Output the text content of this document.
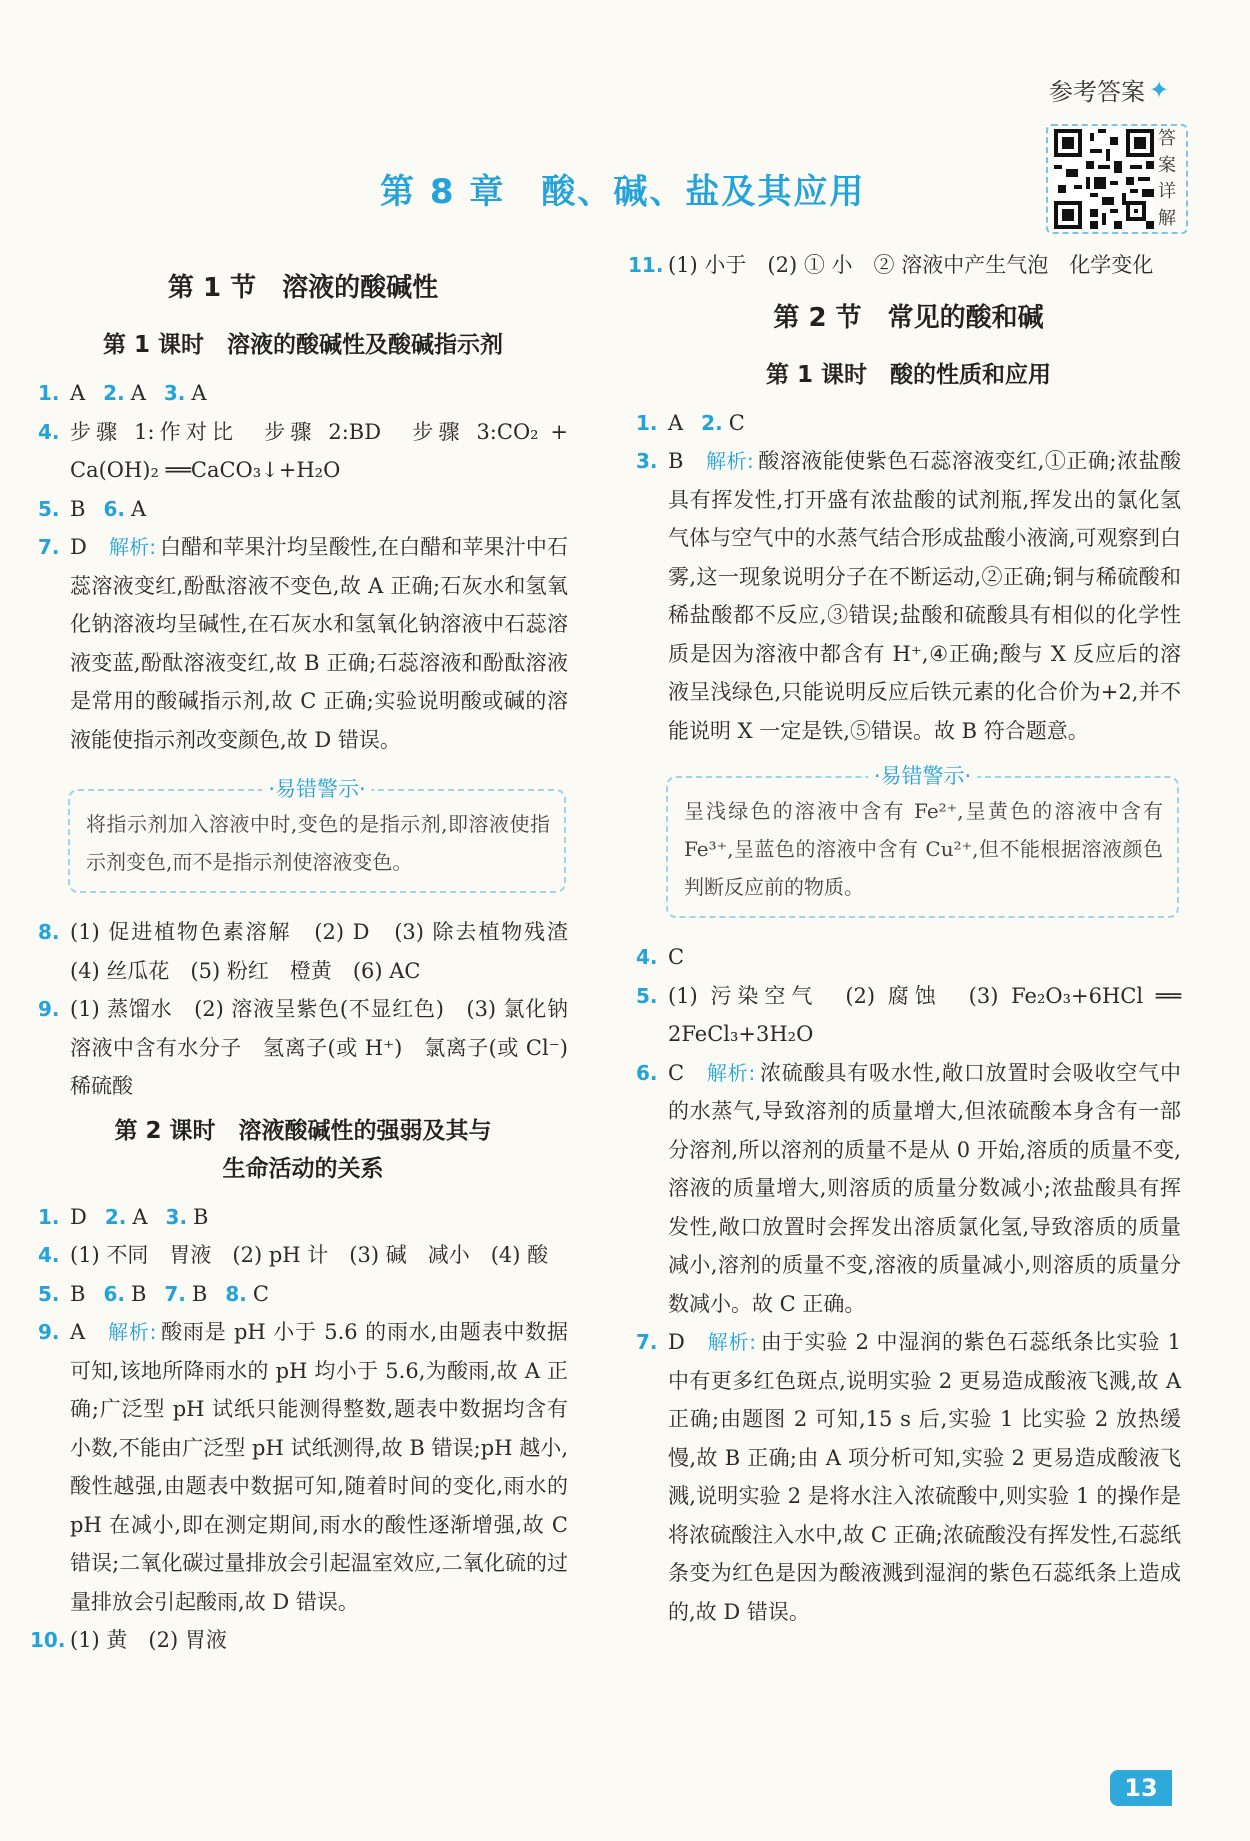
参考答案 ✦
答
案
详
解
第 8 章　酸、碱、盐及其应用
第 1 节　溶液的酸碱性
第 1 课时　溶液的酸碱性及酸碱指示剂
1. A 2. A 3. A
4. 步骤 1:作对比　步骤 2:BD　步骤 3:CO₂ + Ca(OH)₂ ══CaCO₃↓+H₂O
5. B 6. A
7. D 解析: 白醋和苹果汁均呈酸性,在白醋和苹果汁中石蕊溶液变红,酚酞溶液不变色,故 A 正确;石灰水和氢氧化钠溶液均呈碱性,在石灰水和氢氧化钠溶液中石蕊溶液变蓝,酚酞溶液变红,故 B 正确;石蕊溶液和酚酞溶液是常用的酸碱指示剂,故 C 正确;实验说明酸或碱的溶液能使指示剂改变颜色,故 D 错误。
·易错警示·
将指示剂加入溶液中时,变色的是指示剂,即溶液使指示剂变色,而不是指示剂使溶液变色。
8. (1) 促进植物色素溶解　(2) D　(3) 除去植物残渣　(4) 丝瓜花　(5) 粉红　橙黄　(6) AC
9. (1) 蒸馏水　(2) 溶液呈紫色(不显红色)　(3) 氯化钠溶液中含有水分子　氢离子(或 H⁺)　氯离子(或 Cl⁻)　稀硫酸
第 2 课时　溶液酸碱性的强弱及其与
生命活动的关系
1. D 2. A 3. B
4. (1) 不同　胃液　(2) pH 计　(3) 碱　减小　(4) 酸
5. B 6. B 7. B 8. C
9. A 解析: 酸雨是 pH 小于 5.6 的雨水,由题表中数据可知,该地所降雨水的 pH 均小于 5.6,为酸雨,故 A 正确;广泛型 pH 试纸只能测得整数,题表中数据均含有小数,不能由广泛型 pH 试纸测得,故 B 错误;pH 越小,酸性越强,由题表中数据可知,随着时间的变化,雨水的 pH 在减小,即在测定期间,雨水的酸性逐渐增强,故 C 错误;二氧化碳过量排放会引起温室效应,二氧化硫的过量排放会引起酸雨,故 D 错误。
10. (1) 黄　(2) 胃液
11. (1) 小于　(2) ① 小　② 溶液中产生气泡　化学变化
第 2 节　常见的酸和碱
第 1 课时　酸的性质和应用
1. A 2. C
3. B 解析: 酸溶液能使紫色石蕊溶液变红,①正确;浓盐酸具有挥发性,打开盛有浓盐酸的试剂瓶,挥发出的氯化氢气体与空气中的水蒸气结合形成盐酸小液滴,可观察到白雾,这一现象说明分子在不断运动,②正确;铜与稀硫酸和稀盐酸都不反应,③错误;盐酸和硫酸具有相似的化学性质是因为溶液中都含有 H⁺,④正确;酸与 X 反应后的溶液呈浅绿色,只能说明反应后铁元素的化合价为+2,并不能说明 X 一定是铁,⑤错误。故 B 符合题意。
·易错警示·
呈浅绿色的溶液中含有 Fe²⁺,呈黄色的溶液中含有 Fe³⁺,呈蓝色的溶液中含有 Cu²⁺,但不能根据溶液颜色判断反应前的物质。
4. C
5. (1) 污染空气　(2) 腐蚀　(3) Fe₂O₃+6HCl ══ 2FeCl₃+3H₂O
6. C 解析: 浓硫酸具有吸水性,敞口放置时会吸收空气中的水蒸气,导致溶剂的质量增大,但浓硫酸本身含有一部分溶剂,所以溶剂的质量不是从 0 开始,溶质的质量不变,溶液的质量增大,则溶质的质量分数减小;浓盐酸具有挥发性,敞口放置时会挥发出溶质氯化氢,导致溶质的质量减小,溶剂的质量不变,溶液的质量减小,则溶质的质量分数减小。故 C 正确。
7. D 解析: 由于实验 2 中湿润的紫色石蕊纸条比实验 1 中有更多红色斑点,说明实验 2 更易造成酸液飞溅,故 A 正确;由题图 2 可知,15 s 后,实验 1 比实验 2 放热缓慢,故 B 正确;由 A 项分析可知,实验 2 更易造成酸液飞溅,说明实验 2 是将水注入浓硫酸中,则实验 1 的操作是将浓硫酸注入水中,故 C 正确;浓硫酸没有挥发性,石蕊纸条变为红色是因为酸液溅到湿润的紫色石蕊纸条上造成的,故 D 错误。
13
